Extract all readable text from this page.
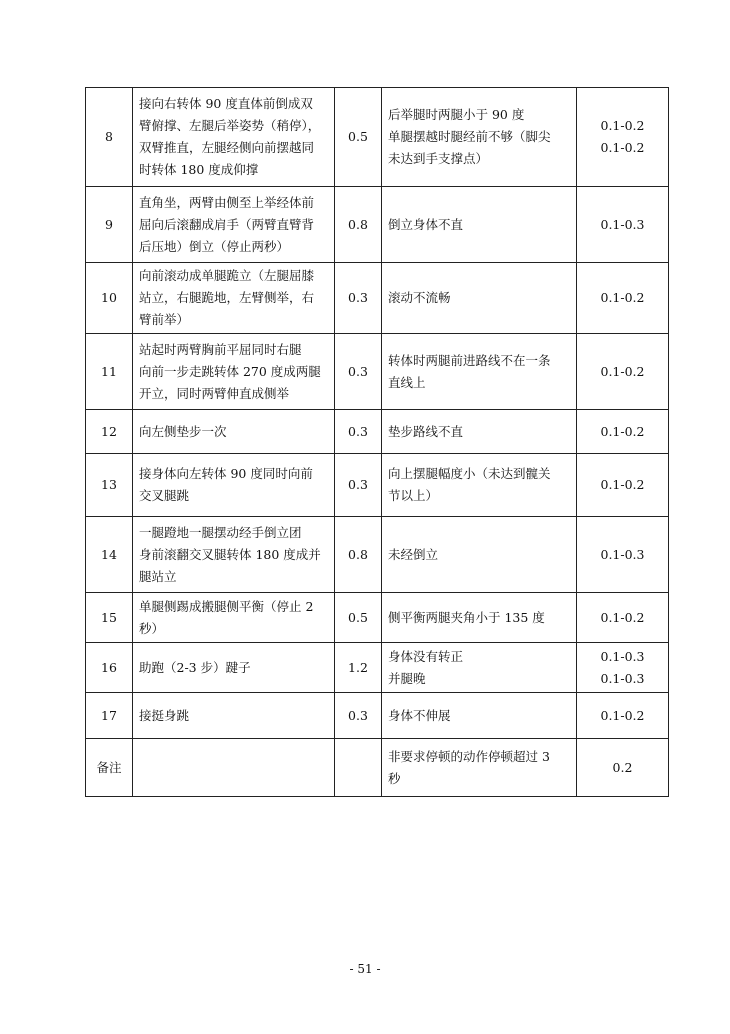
8	接向右转体 90 度直体前倒成双
臂俯撑、左腿后举姿势（稍停），
双臂推直，左腿经侧向前摆越同
时转体 180 度成仰撑	0.5	后举腿时两腿小于 90 度
单腿摆越时腿经前不够（脚尖
未达到手支撑点）	0.1-0.2
0.1-0.2

9	直角坐，两臂由侧至上举经体前
屈向后滚翻成肩手（两臂直臂背
后压地）倒立（停止两秒）	0.8	倒立身体不直	0.1-0.3

10	向前滚动成单腿跪立（左腿屈膝
站立，右腿跪地，左臂侧举，右
臂前举）	0.3	滚动不流畅	0.1-0.2

11	站起时两臂胸前平屈同时右腿
向前一步走跳转体 270 度成两腿
开立，同时两臂伸直成侧举	0.3	转体时两腿前进路线不在一条
直线上	0.1-0.2

12	向左侧垫步一次	0.3	垫步路线不直	0.1-0.2

13	接身体向左转体 90 度同时向前
交叉腿跳	0.3	向上摆腿幅度小（未达到髋关
节以上）	0.1-0.2

14	一腿蹬地一腿摆动经手倒立团
身前滚翻交叉腿转体 180 度成并
腿站立	0.8	未经倒立	0.1-0.3

15	单腿侧踢成搬腿侧平衡（停止 2
秒）	0.5	侧平衡两腿夹角小于 135 度	0.1-0.2

16	助跑（2-3 步）踺子	1.2	身体没有转正
并腿晚	0.1-0.3
0.1-0.3

17	接挺身跳	0.3	身体不伸展	0.1-0.2

备注			非要求停顿的动作停顿超过 3
秒	0.2
- 51 -
